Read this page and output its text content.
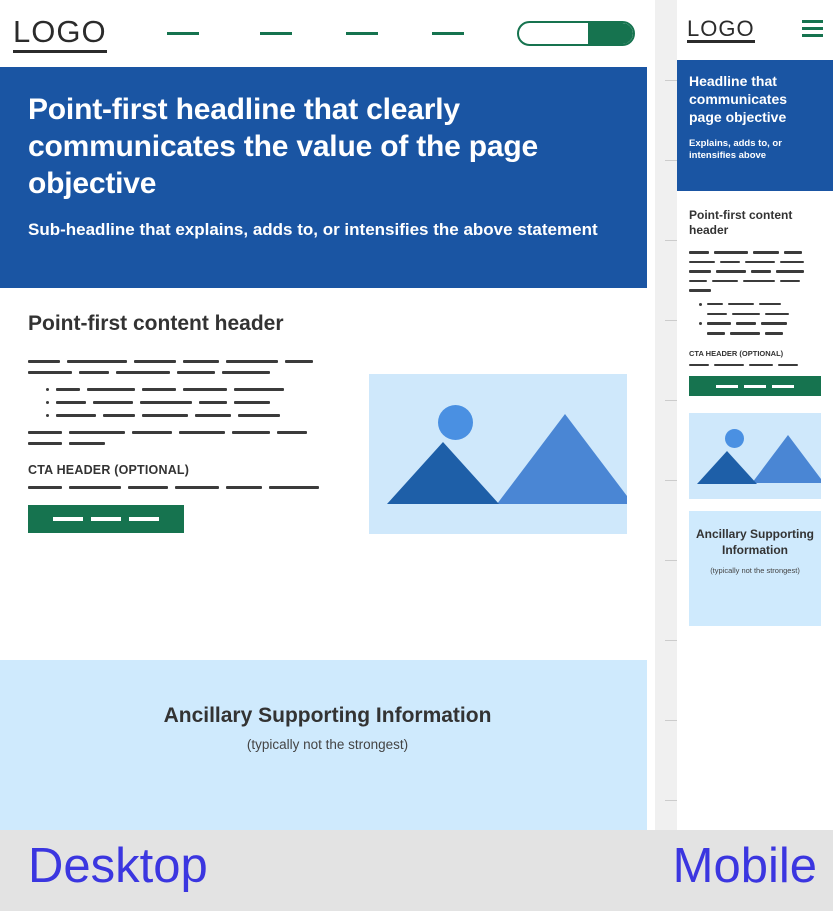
LOGO
Point-first headline that clearly communicates the value of the page objective
Sub-headline that explains, adds to, or intensifies the above statement
Point-first content header
CTA HEADER (OPTIONAL)
Ancillary Supporting Information

(typically not the strongest)

LOGO
Headline that communicates page objective
Explains, adds to, or intensifies above
Point-first content header
CTA HEADER (OPTIONAL)
Ancillary Supporting Information

(typically not the strongest)

Desktop	Mobile
